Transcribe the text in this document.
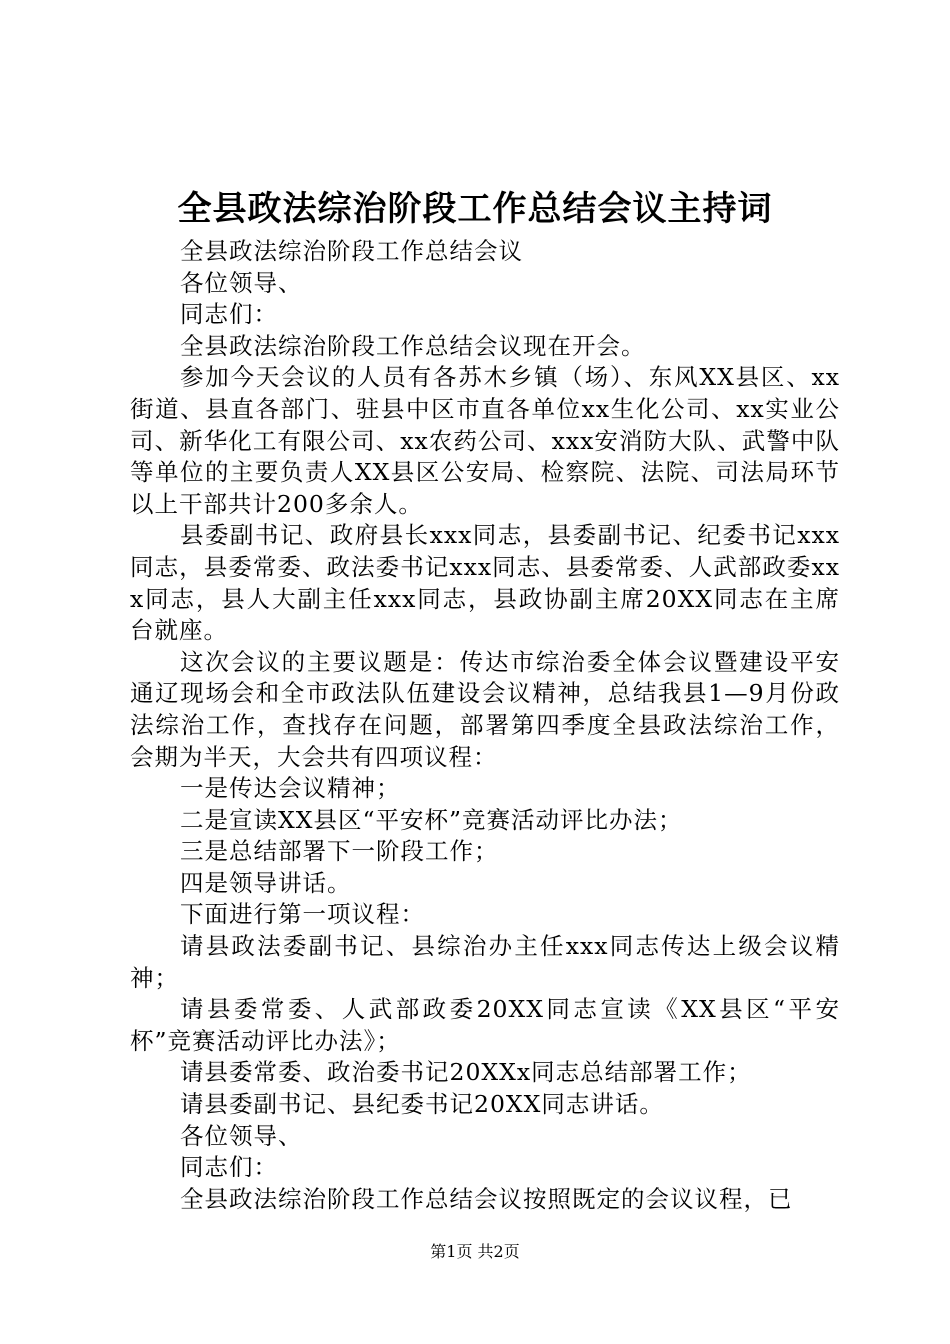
全县政法综治阶段工作总结会议主持词

全县政法综治阶段工作总结会议

各位领导、

同志们：

全县政法综治阶段工作总结会议现在开会。

参加今天会议的人员有各苏木乡镇（场）、东风XX县区、xx街道、县直各部门、驻县中区市直各单位xx生化公司、xx实业公司、新华化工有限公司、xx农药公司、xxx安消防大队、武警中队等单位的主要负责人XX县区公安局、检察院、法院、司法局环节以上干部共计200多余人。

县委副书记、政府县长xxx同志，县委副书记、纪委书记xxx同志，县委常委、政法委书记xxx同志、县委常委、人武部政委xxx同志，县人大副主任xxx同志，县政协副主席20XX同志在主席台就座。

这次会议的主要议题是：传达市综治委全体会议暨建设平安通辽现场会和全市政法队伍建设会议精神，总结我县1—9月份政法综治工作，查找存在问题，部署第四季度全县政法综治工作，会期为半天，大会共有四项议程：

一是传达会议精神；

二是宣读XX县区“平安杯”竞赛活动评比办法；

三是总结部署下一阶段工作；

四是领导讲话。

下面进行第一项议程：

请县政法委副书记、县综治办主任xxx同志传达上级会议精神；

请县委常委、人武部政委20XX同志宣读《XX县区“平安杯”竞赛活动评比办法》；

请县委常委、政治委书记20XXx同志总结部署工作；

请县委副书记、县纪委书记20XX同志讲话。

各位领导、

同志们：

全县政法综治阶段工作总结会议按照既定的会议议程，已

第1页 共2页
